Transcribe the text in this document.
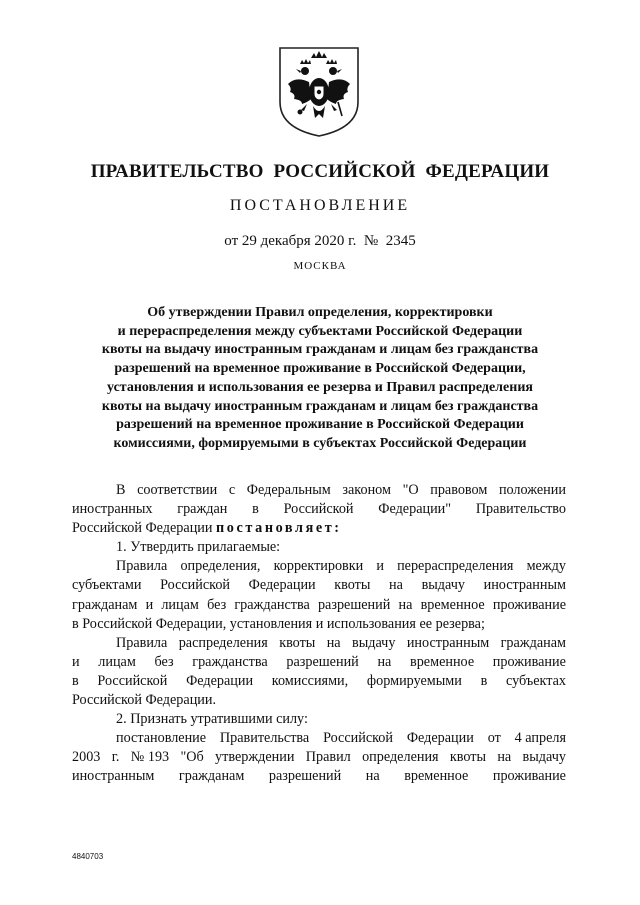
ПРАВИТЕЛЬСТВО  РОССИЙСКОЙ  ФЕДЕРАЦИИ
ПОСТАНОВЛЕНИЕ
от 29 декабря 2020 г.  №  2345
МОСКВА
Об утверждении Правил определения, корректировки
и перераспределения между субъектами Российской Федерации
квоты на выдачу иностранным гражданам и лицам без гражданства
разрешений на временное проживание в Российской Федерации,
установления и использования ее резерва и Правил распределения
квоты на выдачу иностранным гражданам и лицам без гражданства
разрешений на временное проживание в Российской Федерации
комиссиями, формируемыми в субъектах Российской Федерации
В соответствии с Федеральным законом "О правовом положении
иностранных граждан в Российской Федерации" Правительство
Российской Федерации постановляет:
1. Утвердить прилагаемые:
Правила определения, корректировки и перераспределения между
субъектами Российской Федерации квоты на выдачу иностранным
гражданам и лицам без гражданства разрешений на временное проживание
в Российской Федерации, установления и использования ее резерва;
Правила распределения квоты на выдачу иностранным гражданам
и лицам без гражданства разрешений на временное проживание
в Российской Федерации комиссиями, формируемыми в субъектах
Российской Федерации.
2. Признать утратившими силу:
постановление Правительства Российской Федерации от 4 апреля
2003 г. № 193 "Об утверждении Правил определения квоты на выдачу
иностранным гражданам разрешений на временное проживание
4840703
